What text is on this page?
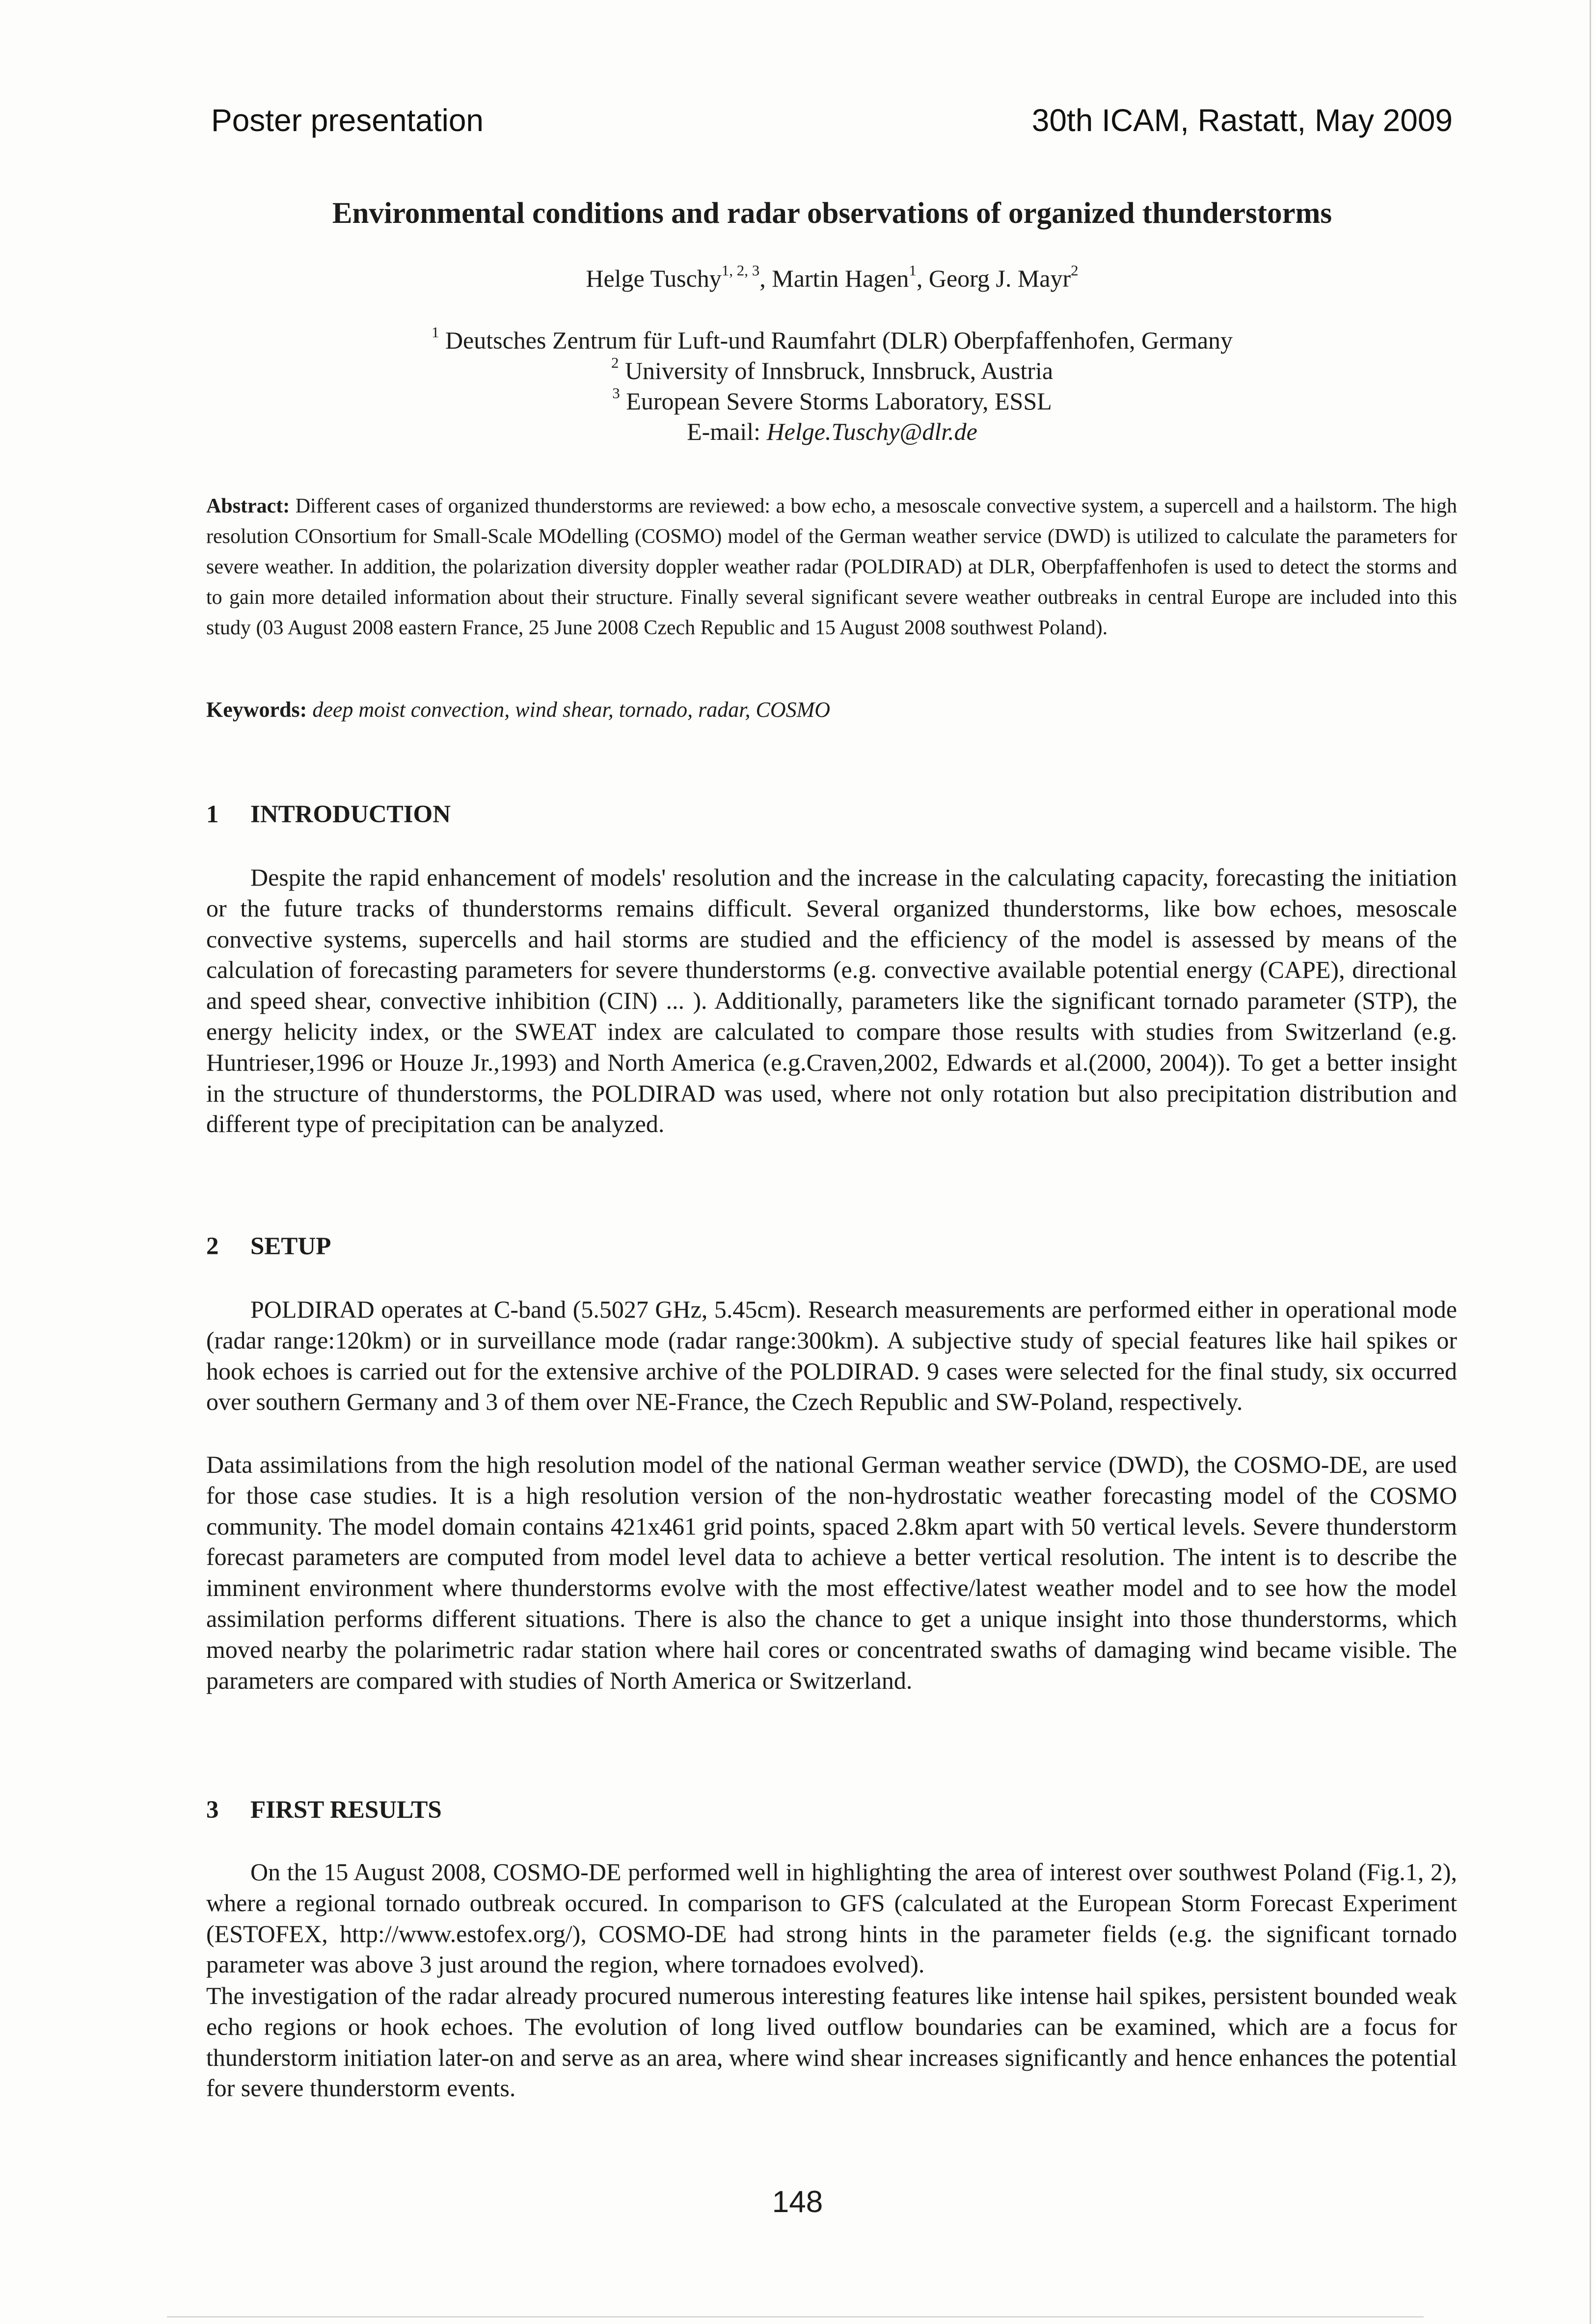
Poster presentation	30th ICAM, Rastatt, May 2009
Environmental conditions and radar observations of organized thunderstorms
Helge Tuschy$^{1, 2, 3}$, Martin Hagen$^1$, Georg J. Mayr$^2$
$^1$ Deutsches Zentrum für Luft-und Raumfahrt (DLR) Oberpfaffenhofen, Germany
$^2$ University of Innsbruck, Innsbruck, Austria
$^3$ European Severe Storms Laboratory, ESSL
E-mail: Helge.Tuschy@dlr.de
Abstract: Different cases of organized thunderstorms are reviewed: a bow echo, a mesoscale convective system, a supercell and a hailstorm. The high resolution COnsortium for Small-Scale MOdelling (COSMO) model of the German weather service (DWD) is utilized to calculate the parameters for severe weather. In addition, the polarization diversity doppler weather radar (POLDIRAD) at DLR, Oberpfaffenhofen is used to detect the storms and to gain more detailed information about their structure. Finally several significant severe weather outbreaks in central Europe are included into this study (03 August 2008 eastern France, 25 June 2008 Czech Republic and 15 August 2008 southwest Poland).
Keywords: deep moist convection, wind shear, tornado, radar, COSMO
1 INTRODUCTION
Despite the rapid enhancement of models' resolution and the increase in the calculating capacity, forecasting the initiation or the future tracks of thunderstorms remains difficult. Several organized thunderstorms, like bow echoes, mesoscale convective systems, supercells and hail storms are studied and the efficiency of the model is assessed by means of the calculation of forecasting parameters for severe thunderstorms (e.g. convective available potential energy (CAPE), directional and speed shear, convective inhibition (CIN) ... ). Additionally, parameters like the significant tornado parameter (STP), the energy helicity index, or the SWEAT index are calculated to compare those results with studies from Switzerland (e.g. Huntrieser,1996 or Houze Jr.,1993) and North America (e.g.Craven,2002, Edwards et al.(2000, 2004)). To get a better insight in the structure of thunderstorms, the POLDIRAD was used, where not only rotation but also precipitation distribution and different type of precipitation can be analyzed.
2 SETUP
POLDIRAD operates at C-band (5.5027 GHz, 5.45cm). Research measurements are performed either in operational mode (radar range:120km) or in surveillance mode (radar range:300km). A subjective study of special features like hail spikes or hook echoes is carried out for the extensive archive of the POLDIRAD. 9 cases were selected for the final study, six occurred over southern Germany and 3 of them over NE-France, the Czech Republic and SW-Poland, respectively.
Data assimilations from the high resolution model of the national German weather service (DWD), the COSMO-DE, are used for those case studies. It is a high resolution version of the non-hydrostatic weather forecasting model of the COSMO community. The model domain contains 421x461 grid points, spaced 2.8km apart with 50 vertical levels. Severe thunderstorm forecast parameters are computed from model level data to achieve a better vertical resolution. The intent is to describe the imminent environment where thunderstorms evolve with the most effective/latest weather model and to see how the model assimilation performs different situations. There is also the chance to get a unique insight into those thunderstorms, which moved nearby the polarimetric radar station where hail cores or concentrated swaths of damaging wind became visible. The parameters are compared with studies of North America or Switzerland.
3 FIRST RESULTS
On the 15 August 2008, COSMO-DE performed well in highlighting the area of interest over southwest Poland (Fig.1, 2), where a regional tornado outbreak occured. In comparison to GFS (calculated at the European Storm Forecast Experiment (ESTOFEX, http://www.estofex.org/), COSMO-DE had strong hints in the parameter fields (e.g. the significant tornado parameter was above 3 just around the region, where tornadoes evolved).
The investigation of the radar already procured numerous interesting features like intense hail spikes, persistent bounded weak echo regions or hook echoes. The evolution of long lived outflow boundaries can be examined, which are a focus for thunderstorm initiation later-on and serve as an area, where wind shear increases significantly and hence enhances the potential for severe thunderstorm events.
148
